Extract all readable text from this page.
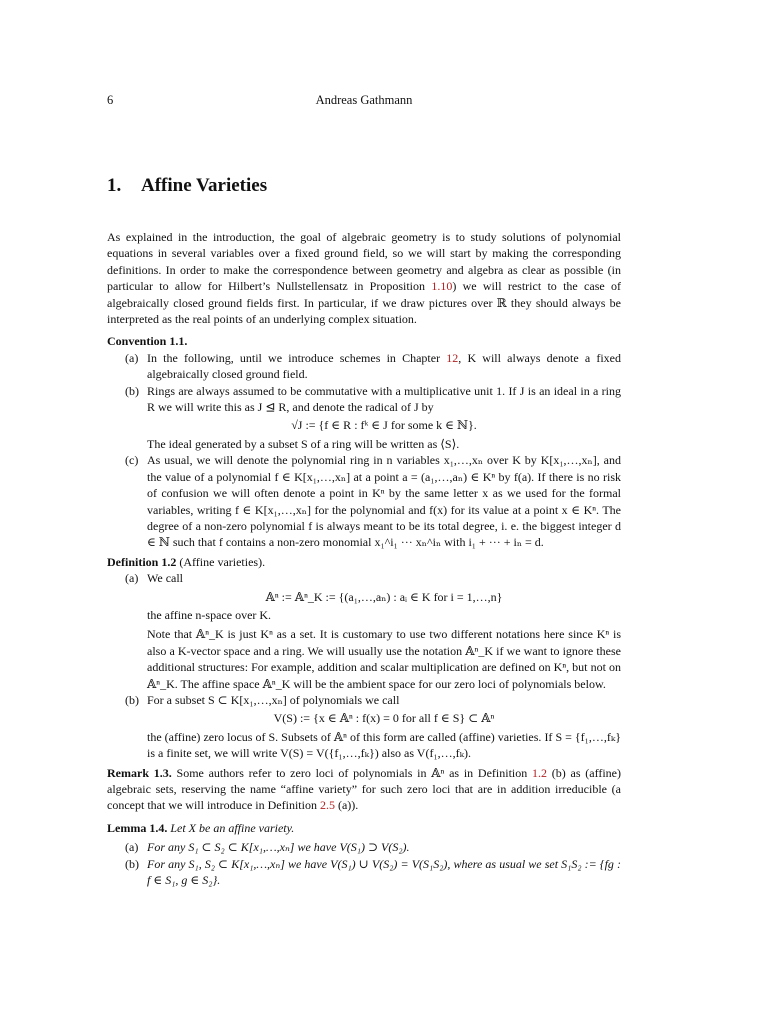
6	Andreas Gathmann
1. Affine Varieties

As explained in the introduction, the goal of algebraic geometry is to study solutions of polynomial equations in several variables over a fixed ground field, so we will start by making the corresponding definitions. In order to make the correspondence between geometry and algebra as clear as possible (in particular to allow for Hilbert’s Nullstellensatz in Proposition 1.10) we will restrict to the case of algebraically closed ground fields first. In particular, if we draw pictures over ℝ they should always be interpreted as the real points of an underlying complex situation.

Convention 1.1.

(a) In the following, until we introduce schemes in Chapter 12, K will always denote a fixed algebraically closed ground field.
(b) Rings are always assumed to be commutative with a multiplicative unit 1. If J is an ideal in a ring R we will write this as J ⊴ R, and denote the radical of J by
√J := {f ∈ R : fᵏ ∈ J for some k ∈ ℕ}.
The ideal generated by a subset S of a ring will be written as ⟨S⟩.
(c) As usual, we will denote the polynomial ring in n variables x₁,…,xₙ over K by K[x₁,…,xₙ], and the value of a polynomial f ∈ K[x₁,…,xₙ] at a point a = (a₁,…,aₙ) ∈ Kⁿ by f(a). If there is no risk of confusion we will often denote a point in Kⁿ by the same letter x as we used for the formal variables, writing f ∈ K[x₁,…,xₙ] for the polynomial and f(x) for its value at a point x ∈ Kⁿ. The degree of a non-zero polynomial f is always meant to be its total degree, i. e. the biggest integer d ∈ ℕ such that f contains a non-zero monomial x₁^i₁ ··· xₙ^iₙ with i₁ + ··· + iₙ = d.

Definition 1.2 (Affine varieties).

(a) We call
𝔸ⁿ := 𝔸ⁿ_K := {(a₁,…,aₙ) : aᵢ ∈ K for i = 1,…,n}
the affine n-space over K.
Note that 𝔸ⁿ_K is just Kⁿ as a set. It is customary to use two different notations here since Kⁿ is also a K-vector space and a ring. We will usually use the notation 𝔸ⁿ_K if we want to ignore these additional structures: For example, addition and scalar multiplication are defined on Kⁿ, but not on 𝔸ⁿ_K. The affine space 𝔸ⁿ_K will be the ambient space for our zero loci of polynomials below.
(b) For a subset S ⊂ K[x₁,…,xₙ] of polynomials we call
V(S) := {x ∈ 𝔸ⁿ : f(x) = 0 for all f ∈ S} ⊂ 𝔸ⁿ
the (affine) zero locus of S. Subsets of 𝔸ⁿ of this form are called (affine) varieties. If S = {f₁,…,fₖ} is a finite set, we will write V(S) = V({f₁,…,fₖ}) also as V(f₁,…,fₖ).

Remark 1.3. Some authors refer to zero loci of polynomials in 𝔸ⁿ as in Definition 1.2 (b) as (affine) algebraic sets, reserving the name “affine variety” for such zero loci that are in addition irreducible (a concept that we will introduce in Definition 2.5 (a)).

Lemma 1.4. Let X be an affine variety.

(a) For any S₁ ⊂ S₂ ⊂ K[x₁,…,xₙ] we have V(S₁) ⊃ V(S₂).
(b) For any S₁, S₂ ⊂ K[x₁,…,xₙ] we have V(S₁) ∪ V(S₂) = V(S₁S₂), where as usual we set S₁S₂ := {fg : f ∈ S₁, g ∈ S₂}.
